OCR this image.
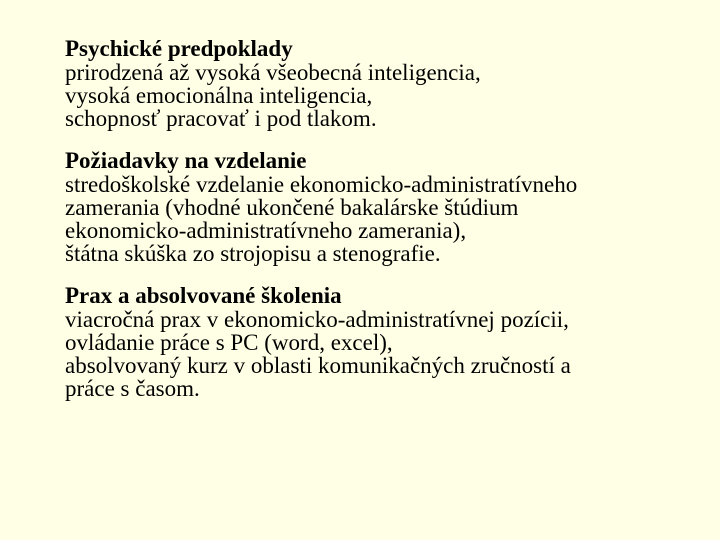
Psychické predpoklady

prirodzená až vysoká všeobecná inteligencia,

vysoká emocionálna inteligencia,

schopnosť pracovať i pod tlakom.

Požiadavky na vzdelanie

stredoškolské vzdelanie ekonomicko-administratívneho

zamerania (vhodné ukončené bakalárske štúdium

ekonomicko-administratívneho zamerania),

štátna skúška zo strojopisu a stenografie.

Prax a absolvované školenia

viacročná prax v ekonomicko-administratívnej pozícii,

ovládanie práce s PC (word, excel),

absolvovaný kurz v oblasti komunikačných zručností a

práce s časom.
